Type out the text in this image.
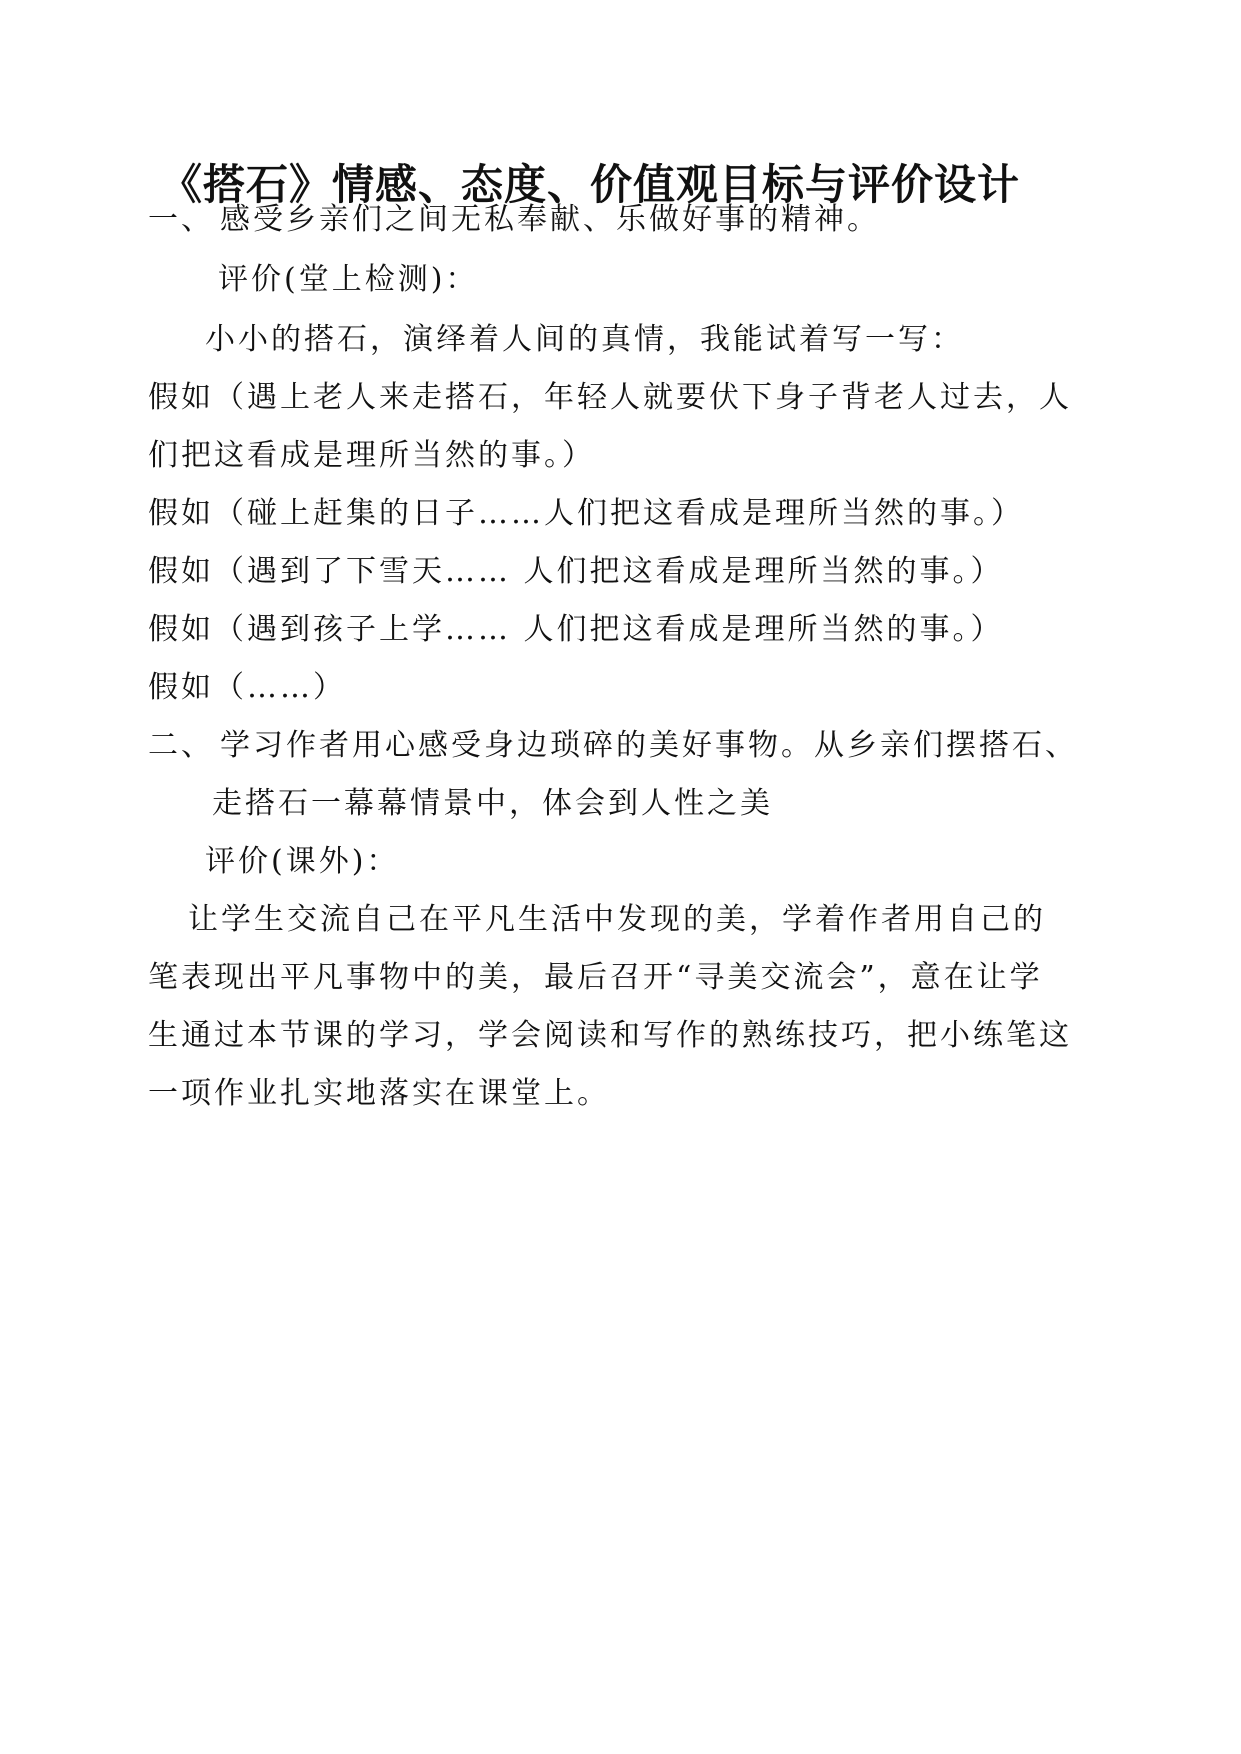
《搭石》情感、态度、价值观目标与评价设计
一、 感受乡亲们之间无私奉献、乐做好事的精神。
评价(堂上检测)：
小小的搭石，演绎着人间的真情，我能试着写一写：
假如（遇上老人来走搭石，年轻人就要伏下身子背老人过去，人
们把这看成是理所当然的事。）
假如（碰上赶集的日子……人们把这看成是理所当然的事。）
假如（遇到了下雪天…… 人们把这看成是理所当然的事。）
假如（遇到孩子上学…… 人们把这看成是理所当然的事。）
假如（……）
二、 学习作者用心感受身边琐碎的美好事物。从乡亲们摆搭石、
走搭石一幕幕情景中，体会到人性之美
评价(课外)：
让学生交流自己在平凡生活中发现的美，学着作者用自己的
笔表现出平凡事物中的美，最后召开“寻美交流会”，意在让学
生通过本节课的学习，学会阅读和写作的熟练技巧，把小练笔这
一项作业扎实地落实在课堂上。
